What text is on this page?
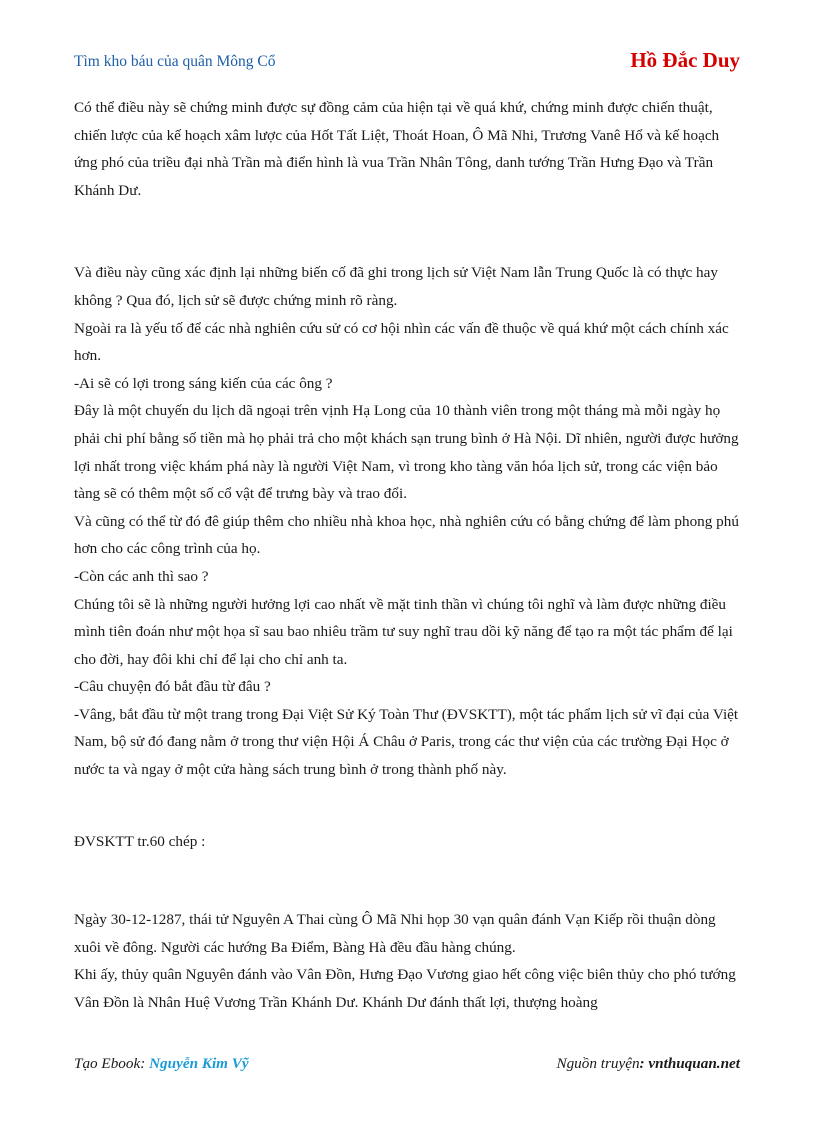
Tìm kho báu của quân Mông Cổ	Hồ Đắc Duy

Có thể điều này sẽ chứng minh được sự đồng cảm của hiện tại về quá khứ, chứng minh được chiến thuật, chiến lược của kế hoạch xâm lược của Hốt Tất Liệt, Thoát Hoan, Ô Mã Nhi, Trương Vanê Hổ và kế hoạch ứng phó của triều đại nhà Trần mà điển hình là vua Trần Nhân Tông, danh tướng Trần Hưng Đạo và Trần Khánh Dư.

Và điều này cũng xác định lại những biến cố đã ghi trong lịch sử Việt Nam lẫn Trung Quốc là có thực hay không ? Qua đó, lịch sử sẽ được chứng minh rõ ràng.

Ngoài ra là yếu tố để các nhà nghiên cứu sử có cơ hội nhìn các vấn đề thuộc về quá khứ một cách chính xác hơn.

-Ai sẽ có lợi trong sáng kiến của các ông ?

Đây là một chuyến du lịch dã ngoại trên vịnh Hạ Long của 10 thành viên trong một tháng mà mỗi ngày họ phải chi phí bằng số tiền mà họ phải trả cho một khách sạn trung bình ở Hà Nội. Dĩ nhiên, người được hưởng lợi nhất trong việc khám phá này là người Việt Nam, vì trong kho tàng văn hóa lịch sử, trong các viện bảo tàng sẽ có thêm một số cổ vật để trưng bày và trao đổi.

Và cũng có thể từ đó đê giúp thêm cho nhiều nhà khoa học, nhà nghiên cứu có bằng chứng để làm phong phú hơn cho các công trình của họ.

-Còn các anh thì sao ?

Chúng tôi sẽ là những người hưởng lợi cao nhất về mặt tinh thần vì chúng tôi nghĩ và làm được những điều mình tiên đoán như một họa sĩ sau bao nhiêu trầm tư suy nghĩ trau dồi kỹ năng để tạo ra một tác phẩm để lại cho đời, hay đôi khi chỉ để lại cho chỉ anh ta.

-Câu chuyện đó bắt đầu từ đâu ?

-Vâng, bắt đầu từ một trang trong Đại Việt Sử Ký Toàn Thư (ĐVSKTT), một tác phẩm lịch sử vĩ đại của Việt Nam, bộ sử đó đang nằm ở trong thư viện Hội Á Châu ở Paris, trong các thư viện của các trường Đại Học ở nước ta và ngay ở một cửa hàng sách trung bình ở trong thành phố này.

ĐVSKTT tr.60 chép :

Ngày 30-12-1287, thái tử Nguyên A Thai cùng Ô Mã Nhi họp 30 vạn quân đánh Vạn Kiếp rồi thuận dòng xuôi về đông. Người các hướng Ba Điểm, Bàng Hà đều đầu hàng chúng.

Khi ấy, thủy quân Nguyên đánh vào Vân Đồn, Hưng Đạo Vương giao hết công việc biên thủy cho phó tướng Vân Đồn là Nhân Huệ Vương Trần Khánh Dư. Khánh Dư đánh thất lợi, thượng hoàng

Tạo Ebook: Nguyễn Kim Vỹ	Nguồn truyện: vnthuquan.net
